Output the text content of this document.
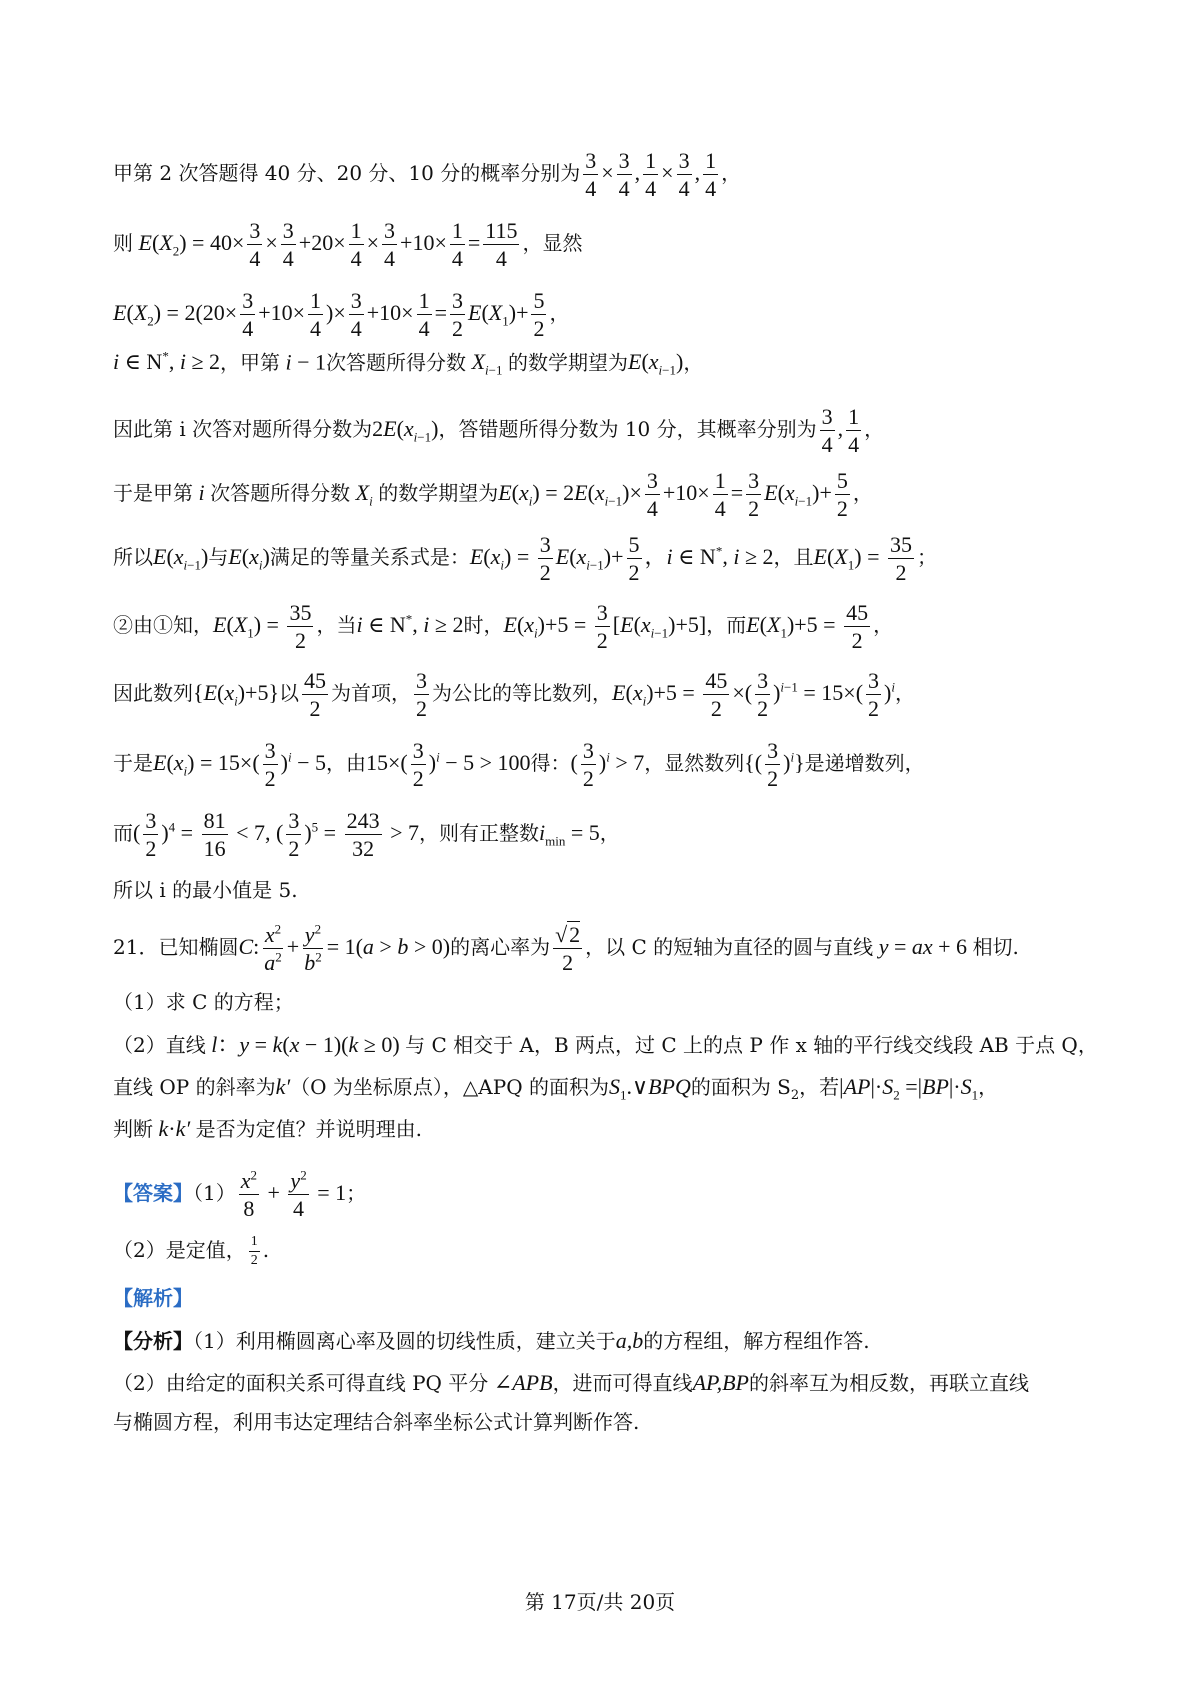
甲第 2 次答题得 40 分、20 分、10 分的概率分别为 $\frac{3}{4} \times \frac{3}{4}$ , $\frac{1}{4} \times \frac{3}{4}$ , $\frac{1}{4}$ ，
则 $E(X_2) = 40\times \frac{3}{4} \times \frac{3}{4} +20\times \frac{1}{4} \times \frac{3}{4} +10\times \frac{1}{4} = \frac{115}{4}$ ，显然
$E(X_2) = 2(20\times \frac{3}{4} +10\times \frac{1}{4}$ )× $\frac{3}{4} +10\times \frac{1}{4} = \frac{3}{2} E(X_1)+ \frac{5}{2}$ ，
i ∈ N*, i ≥ 2，甲第 i − 1次答题所得分数 $X_{i-1}$ 的数学期望为$E(x_{i-1})$，
因此第 i 次答对题所得分数为$2E(x_{i-1})$，答错题所得分数为 10 分，其概率分别为 $\frac{3}{4}$ , $\frac{1}{4}$ ，
于是甲第 i 次答题所得分数 $X_i$ 的数学期望为$E(x_i) = 2E(x_{i-1})\times \frac{3}{4} +10\times \frac{1}{4} = \frac{3}{2} E(x_{i-1})+ \frac{5}{2}$ ，
所以$E(x_{i-1})$与$E(x_i)$满足的等量关系式是：$E(x_i) = \frac{3}{2} E(x_{i-1})+ \frac{5}{2}$ ，i ∈ N*, i ≥ 2，且$E(X_1) = \frac{35}{2}$ ；
②由①知，$E(X_1) = \frac{35}{2}$ ，当i ∈ N*, i ≥ 2时，$E(x_i)+5 = \frac{3}{2} [E(x_{i-1})+5]$，而$E(X_1)+5 = \frac{45}{2}$ ，
因此数列$\{E(x_i)+5\}$以 $\frac{45}{2}$ 为首项， $\frac{3}{2}$ 为公比的等比数列，$E(x_i)+5 = \frac{45}{2}$ ×( $\frac{3}{2} )^{i-1} = 15\times( \frac{3}{2} )^i$，
于是$E(x_i) = 15\times( \frac{3}{2} )^i - 5$，由$15\times( \frac{3}{2} )^i - 5 > 100$得：( $\frac{3}{2} )^i > 7$，显然数列{( $\frac{3}{2} )^i$}是递增数列，
而( $\frac{3}{2} )^4 = \frac{81}{16} < 7$, ( $\frac{3}{2} )^5 = \frac{243}{32} > 7$，则有正整数$i_{min} = 5$，
所以 i 的最小值是 5.
21．已知椭圆C: $\frac{x^2}{a^2} + \frac{y^2}{b^2} = 1(a > b > 0)$的离心率为 $\frac{√2}{2}$ ，以 C 的短轴为直径的圆与直线 y = ax + 6 相切.
（1）求 C 的方程；
（2）直线 l：y = k(x − 1)(k ≥ 0) 与 C 相交于 A，B 两点，过 C 上的点 P 作 x 轴的平行线交线段 AB 于点 Q，
直线 OP 的斜率为k′（O 为坐标原点），△APQ 的面积为$S_1.\vee BPQ$的面积为 $S_2$，若$|AP|\cdot S_2 =|BP|\cdot S_1$，
判断 k·k′ 是否为定值？并说明理由.
【答案】$(1) \frac{x^2}{8} + \frac{y^2}{4} = 1$；
（2）是定值， $\frac{1}{2}$ .
【解析】
【分析】（1）利用椭圆离心率及圆的切线性质，建立关于a,b的方程组，解方程组作答.
（2）由给定的面积关系可得直线 PQ 平分 ∠APB，进而可得直线AP,BP的斜率互为相反数，再联立直线
与椭圆方程，利用韦达定理结合斜率坐标公式计算判断作答.
第 17页/共 20页
